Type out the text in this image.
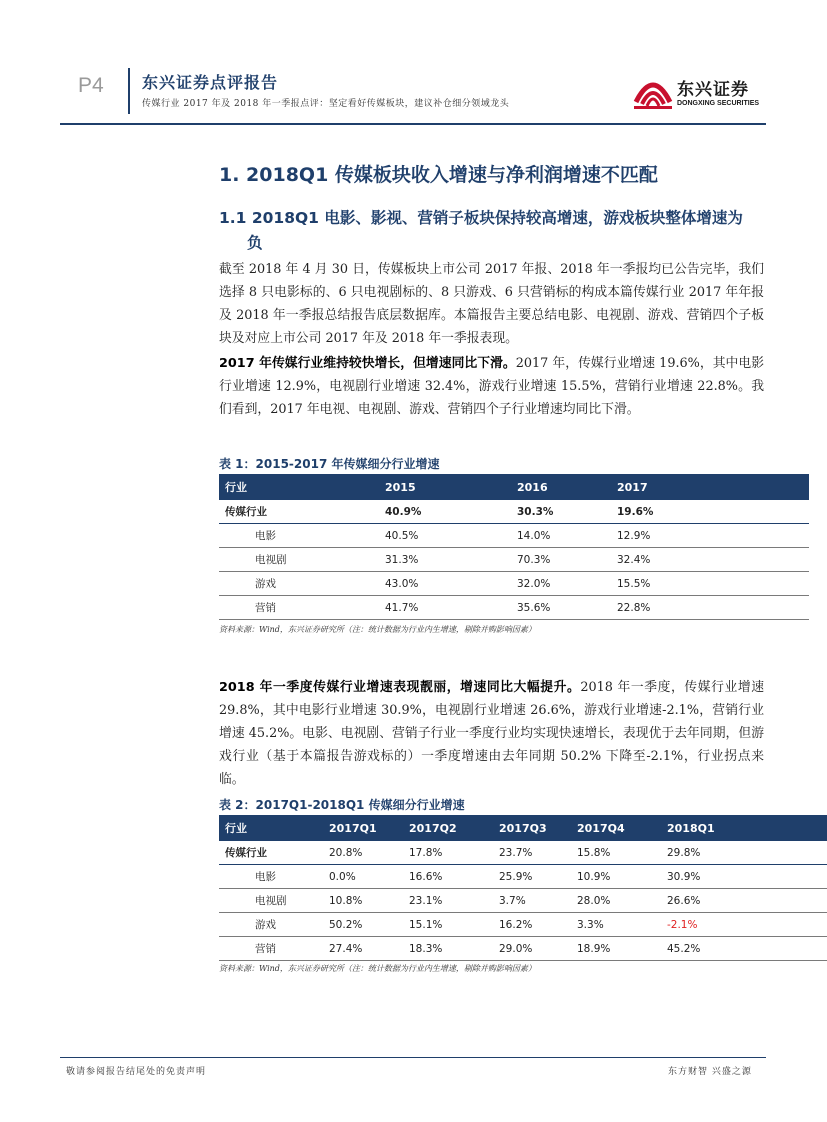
P4 东兴证券点评报告
传媒行业 2017 年及 2018 年一季报点评：坚定看好传媒板块，建议补仓细分领域龙头
东兴证券
DONGXING SECURITIES
1. 2018Q1 传媒板块收入增速与净利润增速不匹配
1.1 2018Q1 电影、影视、营销子板块保持较高增速，游戏板块整体增速为
负
截至 2018 年 4 月 30 日，传媒板块上市公司 2017 年报、2018 年一季报均已公告完毕，我们选择 8 只电影标的、6 只电视剧标的、8 只游戏、6 只营销标的构成本篇传媒行业 2017 年年报及 2018 年一季报总结报告底层数据库。本篇报告主要总结电影、电视剧、游戏、营销四个子板块及对应上市公司 2017 年及 2018 年一季报表现。
2017 年传媒行业维持较快增长，但增速同比下滑。2017 年，传媒行业增速 19.6%，其中电影行业增速 12.9%，电视剧行业增速 32.4%，游戏行业增速 15.5%，营销行业增速 22.8%。我们看到，2017 年电视、电视剧、游戏、营销四个子行业增速均同比下滑。
表 1：2015-2017 年传媒细分行业增速
行业	2015	2016	2017
传媒行业	40.9%	30.3%	19.6%
电影	40.5%	14.0%	12.9%
电视剧	31.3%	70.3%	32.4%
游戏	43.0%	32.0%	15.5%
营销	41.7%	35.6%	22.8%
资料来源：Wind，东兴证券研究所（注：统计数据为行业内生增速，剔除并购影响因素）
2018 年一季度传媒行业增速表现靓丽，增速同比大幅提升。2018 年一季度，传媒行业增速 29.8%，其中电影行业增速 30.9%，电视剧行业增速 26.6%，游戏行业增速-2.1%，营销行业增速 45.2%。电影、电视剧、营销子行业一季度行业均实现快速增长，表现优于去年同期，但游戏行业（基于本篇报告游戏标的）一季度增速由去年同期 50.2% 下降至-2.1%，行业拐点来临。
表 2：2017Q1-2018Q1 传媒细分行业增速
行业	2017Q1	2017Q2	2017Q3	2017Q4	2018Q1
传媒行业	20.8%	17.8%	23.7%	15.8%	29.8%
电影	0.0%	16.6%	25.9%	10.9%	30.9%
电视剧	10.8%	23.1%	3.7%	28.0%	26.6%
游戏	50.2%	15.1%	16.2%	3.3%	-2.1%
营销	27.4%	18.3%	29.0%	18.9%	45.2%
资料来源：Wind，东兴证券研究所（注：统计数据为行业内生增速，剔除并购影响因素）
敬请参阅报告结尾处的免责声明	东方财智 兴盛之源
